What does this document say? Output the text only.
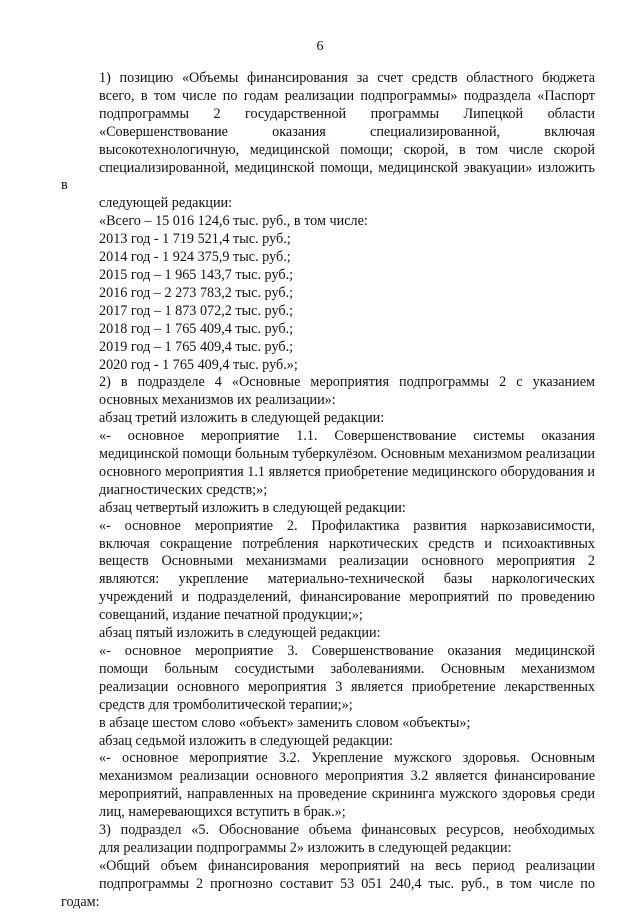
6
1) позицию «Объемы финансирования за счет средств областного бюджета
всего, в том числе по годам реализации подпрограммы» подраздела «Паспорт
подпрограммы 2 государственной программы Липецкой области
«Совершенствование оказания специализированной, включая
высокотехнологичную, медицинской помощи; скорой, в том числе скорой
специализированной, медицинской помощи, медицинской эвакуации» изложить в
следующей редакции:
«Всего – 15 016 124,6 тыс. руб., в том числе:
2013 год - 1 719 521,4 тыс. руб.;
2014 год - 1 924 375,9 тыс. руб.;
2015 год – 1 965 143,7 тыс. руб.;
2016 год – 2 273 783,2 тыс. руб.;
2017 год – 1 873 072,2 тыс. руб.;
2018 год – 1 765 409,4 тыс. руб.;
2019 год – 1 765 409,4 тыс. руб.;
2020 год - 1 765 409,4 тыс. руб.»;
2) в подразделе 4 «Основные мероприятия подпрограммы 2 с указанием
основных механизмов их реализации»:
абзац третий изложить в следующей редакции:
«- основное мероприятие 1.1. Совершенствование системы оказания
медицинской помощи больным туберкулёзом. Основным механизмом реализации
основного мероприятия 1.1 является приобретение медицинского оборудования и
диагностических средств;»;
абзац четвертый изложить в следующей редакции:
«- основное мероприятие 2. Профилактика развития наркозависимости,
включая сокращение потребления наркотических средств и психоактивных
веществ Основными механизмами реализации основного мероприятия 2
являются: укрепление материально-технической базы наркологических
учреждений и подразделений, финансирование мероприятий по проведению
совещаний, издание печатной продукции;»;
абзац пятый изложить в следующей редакции:
«- основное мероприятие 3. Совершенствование оказания медицинской
помощи больным сосудистыми заболеваниями. Основным механизмом
реализации основного мероприятия 3 является приобретение лекарственных
средств для тромболитической терапии;»;
в абзаце шестом слово «объект» заменить словом «объекты»;
абзац седьмой изложить в следующей редакции:
«- основное мероприятие 3.2. Укрепление мужского здоровья. Основным
механизмом реализации основного мероприятия 3.2 является финансирование
мероприятий, направленных на проведение скрининга мужского здоровья среди
лиц, намеревающихся вступить в брак.»;
3) подраздел «5. Обоснование объема финансовых ресурсов, необходимых
для реализации подпрограммы 2» изложить в следующей редакции:
«Общий объем финансирования мероприятий на весь период реализации
подпрограммы 2 прогнозно составит 53 051 240,4 тыс. руб., в том числе по годам:
